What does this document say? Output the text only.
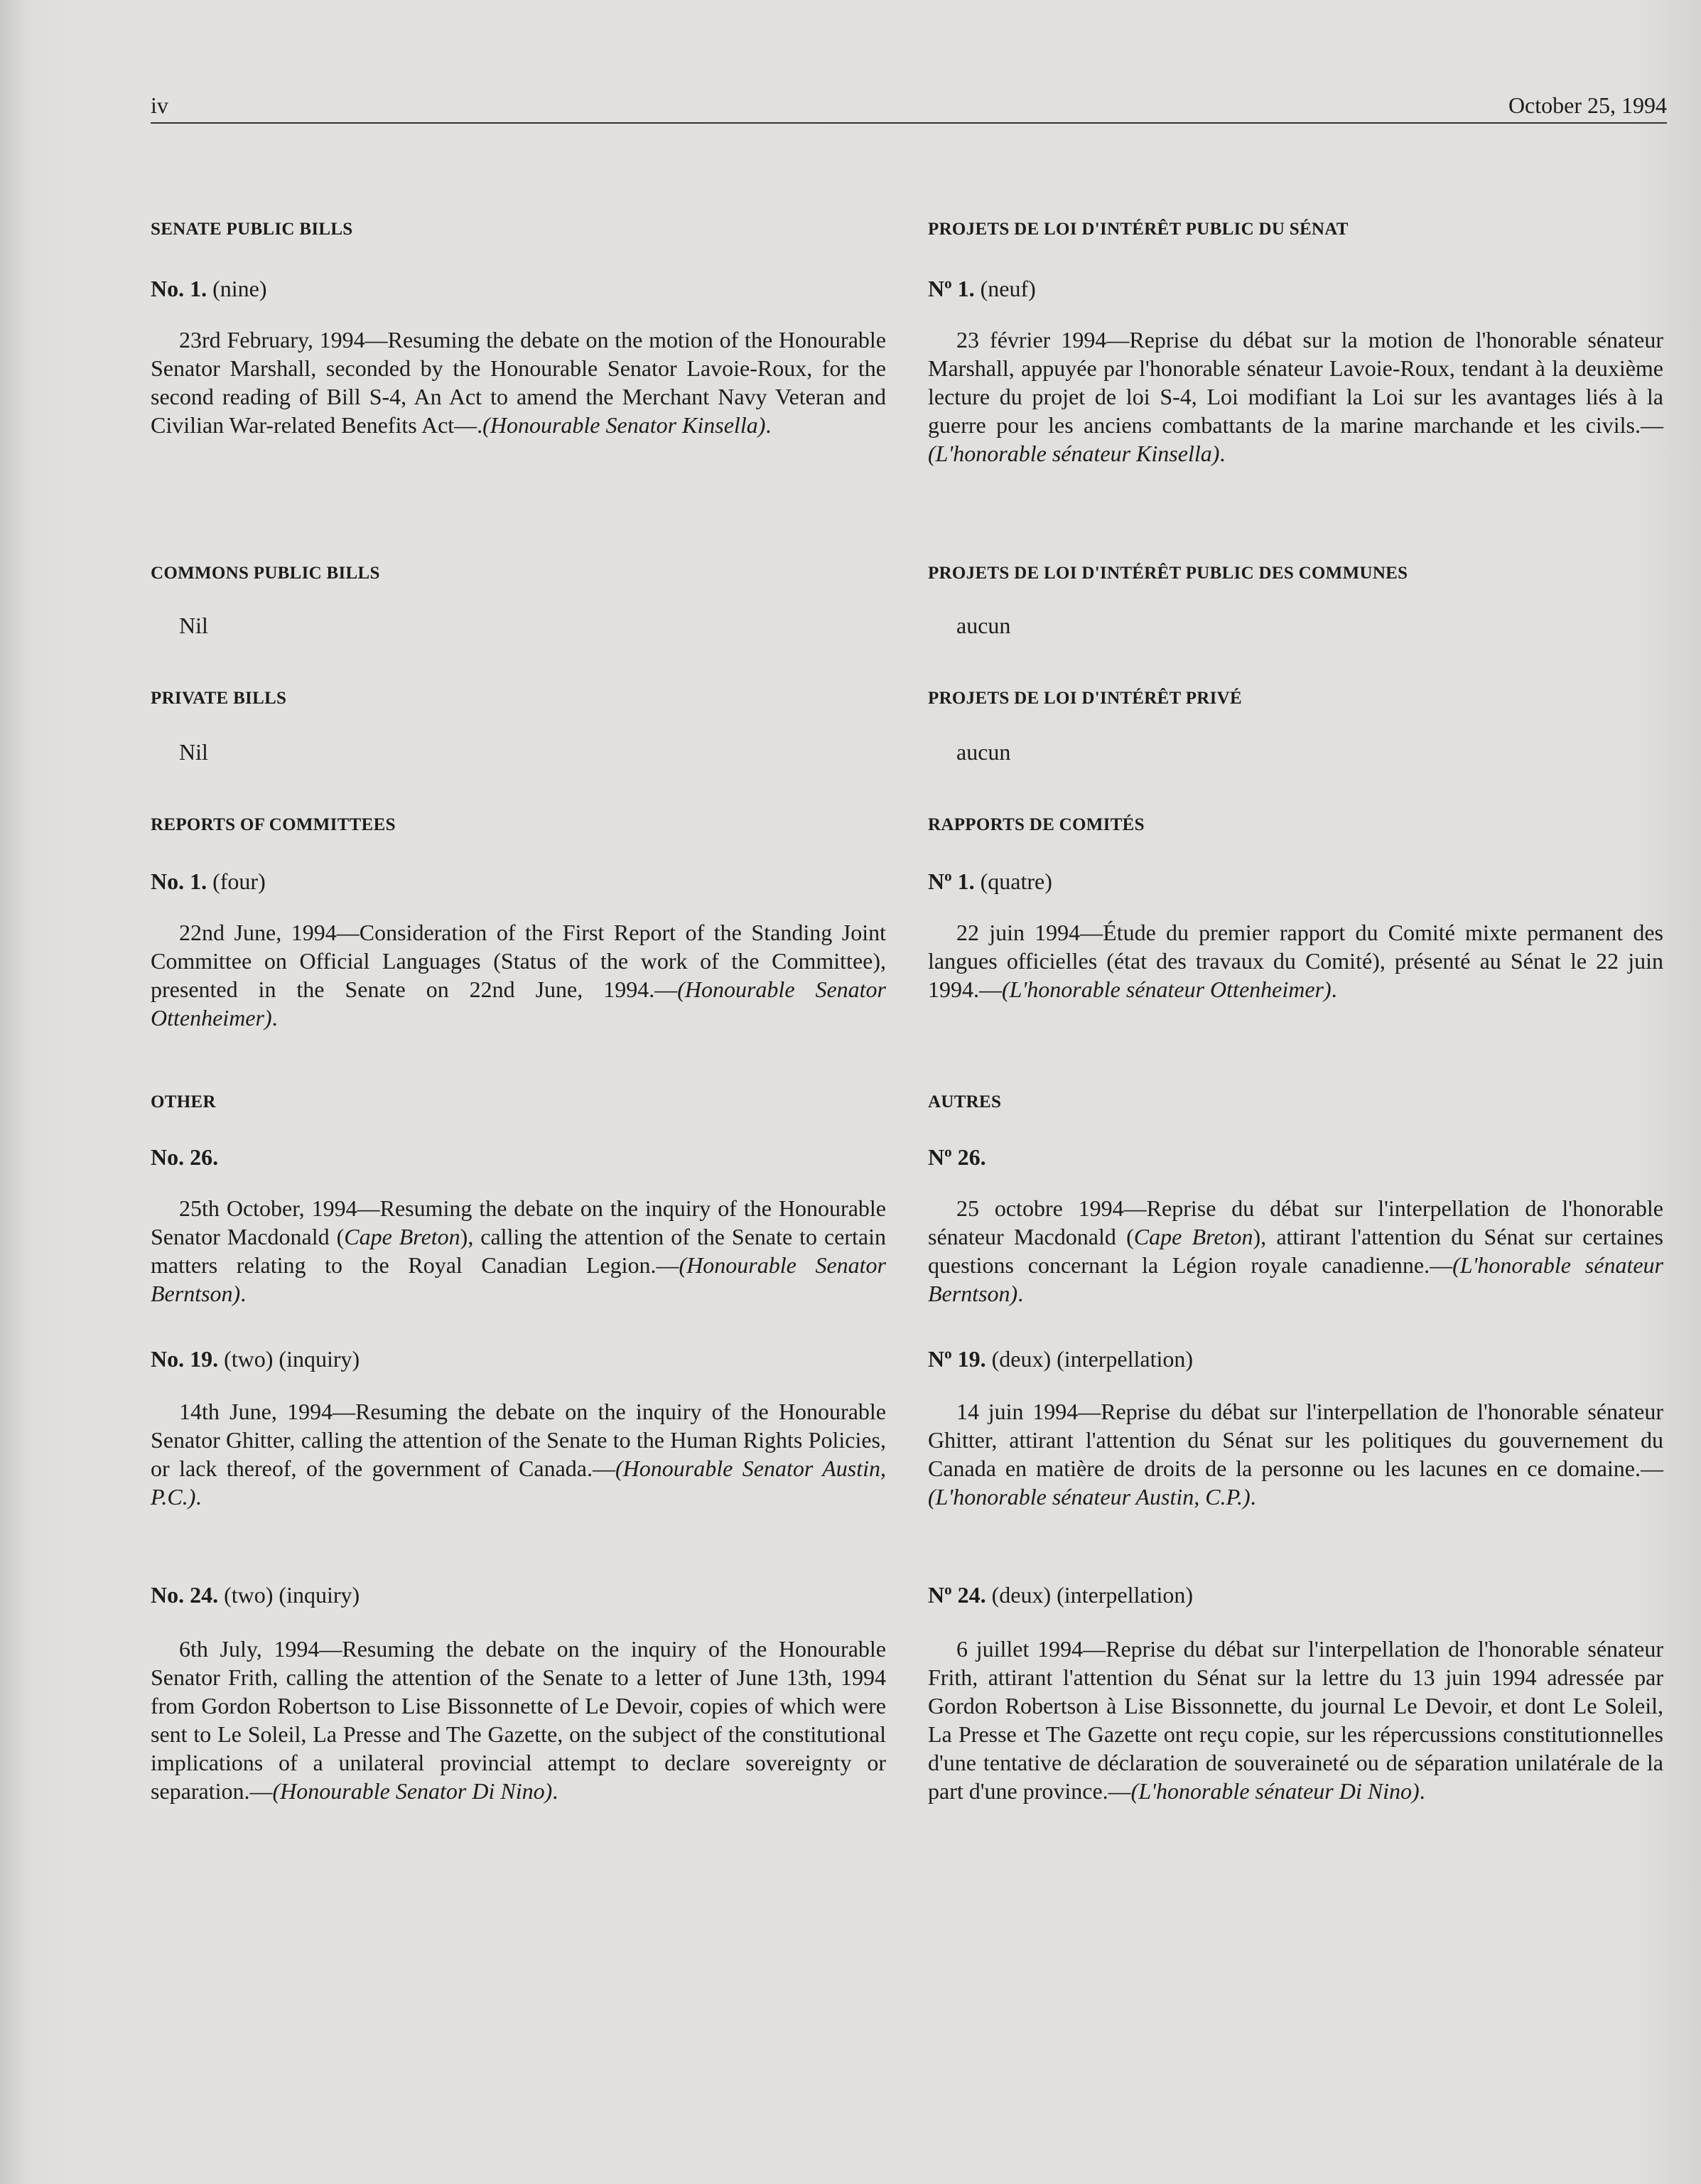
iv	October 25, 1994

SENATE PUBLIC BILLS

No. 1. (nine)

23rd February, 1994—Resuming the debate on the motion of the Honourable Senator Marshall, seconded by the Honourable Senator Lavoie-Roux, for the second reading of Bill S-4, An Act to amend the Merchant Navy Veteran and Civilian War-related Benefits Act—.(Honourable Senator Kinsella).

COMMONS PUBLIC BILLS

Nil

PRIVATE BILLS

Nil

REPORTS OF COMMITTEES

No. 1. (four)

22nd June, 1994—Consideration of the First Report of the Standing Joint Committee on Official Languages (Status of the work of the Committee), presented in the Senate on 22nd June, 1994.—(Honourable Senator Ottenheimer).

OTHER

No. 26.

25th October, 1994—Resuming the debate on the inquiry of the Honourable Senator Macdonald (Cape Breton), calling the attention of the Senate to certain matters relating to the Royal Canadian Legion.—(Honourable Senator Berntson).

No. 19. (two) (inquiry)

14th June, 1994—Resuming the debate on the inquiry of the Honourable Senator Ghitter, calling the attention of the Senate to the Human Rights Policies, or lack thereof, of the government of Canada.—(Honourable Senator Austin, P.C.).

No. 24. (two) (inquiry)

6th July, 1994—Resuming the debate on the inquiry of the Honourable Senator Frith, calling the attention of the Senate to a letter of June 13th, 1994 from Gordon Robertson to Lise Bissonnette of Le Devoir, copies of which were sent to Le Soleil, La Presse and The Gazette, on the subject of the constitutional implications of a unilateral provincial attempt to declare sovereignty or separation.—(Honourable Senator Di Nino).

PROJETS DE LOI D'INTÉRÊT PUBLIC DU SÉNAT

$N^o$ 1. (neuf)

23 février 1994—Reprise du débat sur la motion de l'honorable sénateur Marshall, appuyée par l'honorable sénateur Lavoie-Roux, tendant à la deuxième lecture du projet de loi S-4, Loi modifiant la Loi sur les avantages liés à la guerre pour les anciens combattants de la marine marchande et les civils.—(L'honorable sénateur Kinsella).

PROJETS DE LOI D'INTÉRÊT PUBLIC DES COMMUNES

aucun

PROJETS DE LOI D'INTÉRÊT PRIVÉ

aucun

RAPPORTS DE COMITÉS

$N^o$ 1. (quatre)

22 juin 1994—Étude du premier rapport du Comité mixte permanent des langues officielles (état des travaux du Comité), présenté au Sénat le 22 juin 1994.—(L'honorable sénateur Ottenheimer).

AUTRES

$N^o$ 26.

25 octobre 1994—Reprise du débat sur l'interpellation de l'honorable sénateur Macdonald (Cape Breton), attirant l'attention du Sénat sur certaines questions concernant la Légion royale canadienne.—(L'honorable sénateur Berntson).

$N^o$ 19. (deux) (interpellation)

14 juin 1994—Reprise du débat sur l'interpellation de l'honorable sénateur Ghitter, attirant l'attention du Sénat sur les politiques du gouvernement du Canada en matière de droits de la personne ou les lacunes en ce domaine.—(L'honorable sénateur Austin, C.P.).

$N^o$ 24. (deux) (interpellation)

6 juillet 1994—Reprise du débat sur l'interpellation de l'honorable sénateur Frith, attirant l'attention du Sénat sur la lettre du 13 juin 1994 adressée par Gordon Robertson à Lise Bissonnette, du journal Le Devoir, et dont Le Soleil, La Presse et The Gazette ont reçu copie, sur les répercussions constitutionnelles d'une tentative de déclaration de souveraineté ou de séparation unilatérale de la part d'une province.—(L'honorable sénateur Di Nino).
